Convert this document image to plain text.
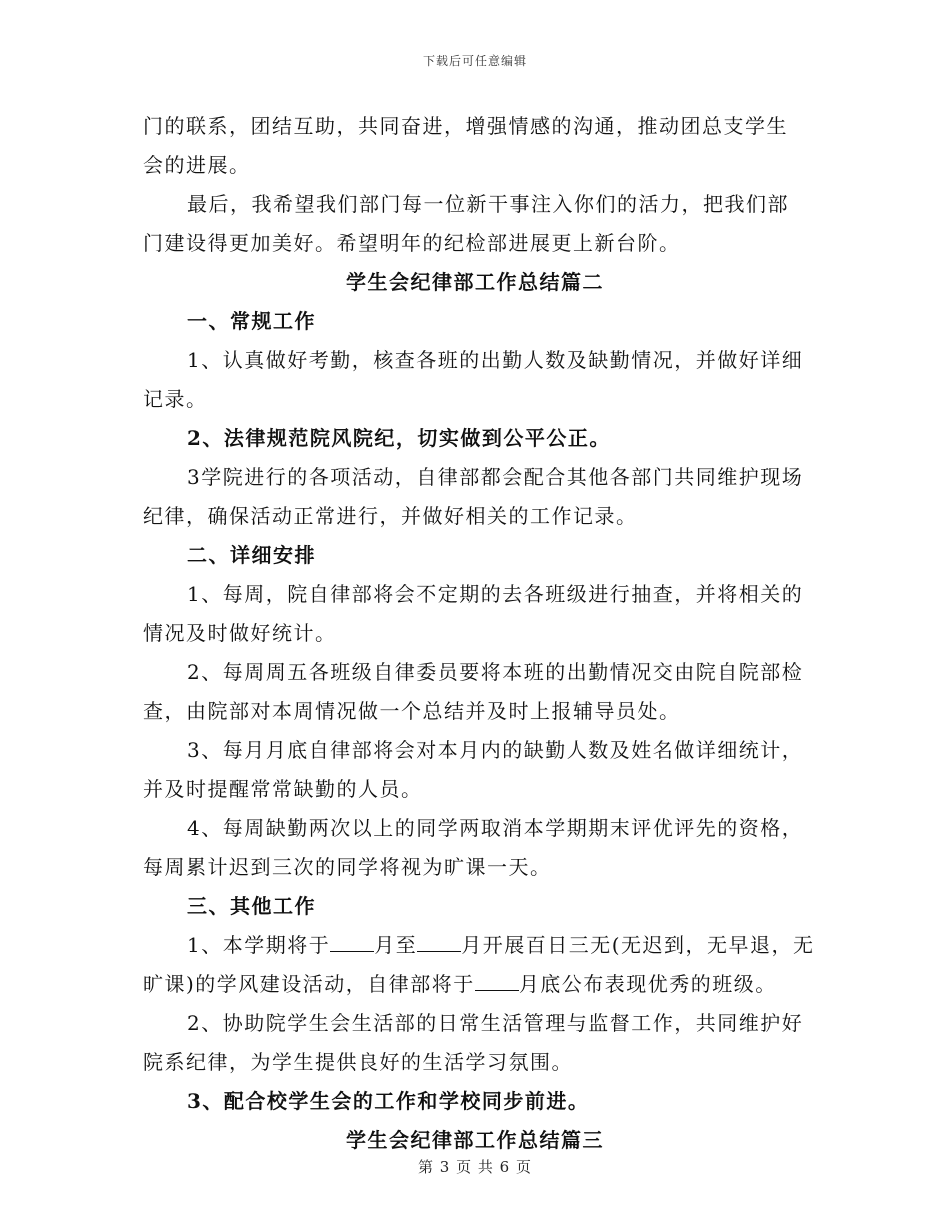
下载后可任意编辑
门的联系，团结互助，共同奋进，增强情感的沟通，推动团总支学生
会的进展。
最后，我希望我们部门每一位新干事注入你们的活力，把我们部
门建设得更加美好。希望明年的纪检部进展更上新台阶。
学生会纪律部工作总结篇二
一、常规工作
1、认真做好考勤，核查各班的出勤人数及缺勤情况，并做好详细
记录。
2、法律规范院风院纪，切实做到公平公正。
3学院进行的各项活动，自律部都会配合其他各部门共同维护现场
纪律，确保活动正常进行，并做好相关的工作记录。
二、详细安排
1、每周，院自律部将会不定期的去各班级进行抽查，并将相关的
情况及时做好统计。
2、每周周五各班级自律委员要将本班的出勤情况交由院自院部检
查，由院部对本周情况做一个总结并及时上报辅导员处。
3、每月月底自律部将会对本月内的缺勤人数及姓名做详细统计，
并及时提醒常常缺勤的人员。
4、每周缺勤两次以上的同学两取消本学期期末评优评先的资格，
每周累计迟到三次的同学将视为旷课一天。
三、其他工作
1、本学期将于 月至 月开展百日三无(无迟到，无早退，无
旷课)的学风建设活动，自律部将于 月底公布表现优秀的班级。
2、协助院学生会生活部的日常生活管理与监督工作，共同维护好
院系纪律，为学生提供良好的生活学习氛围。
3、配合校学生会的工作和学校同步前进。
学生会纪律部工作总结篇三
第 3 页 共 6 页
